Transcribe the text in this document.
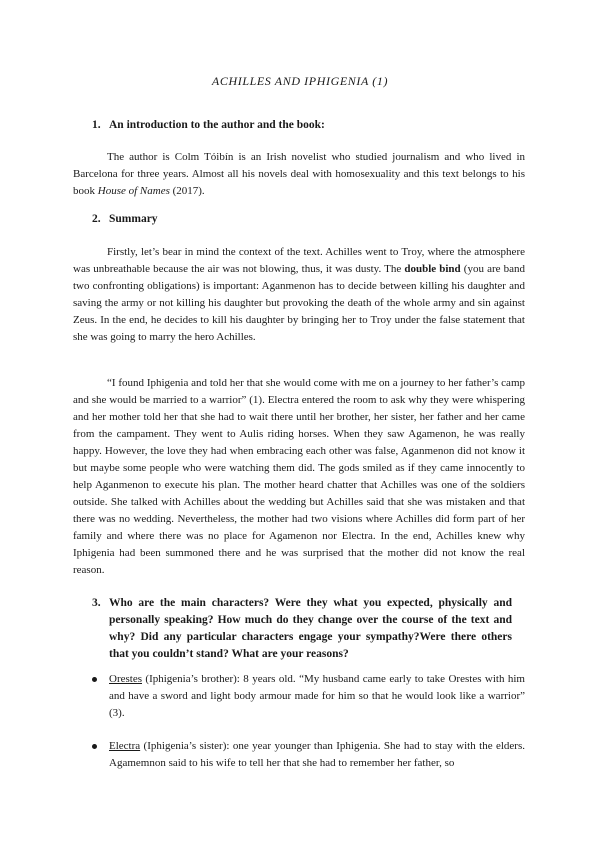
ACHILLES AND IPHIGENIA (1)
1. An introduction to the author and the book:

The author is Colm Tóibín is an Irish novelist who studied journalism and who lived in Barcelona for three years. Almost all his novels deal with homosexuality and this text belongs to his book House of Names (2017).

2. Summary

Firstly, let’s bear in mind the context of the text. Achilles went to Troy, where the atmosphere was unbreathable because the air was not blowing, thus, it was dusty. The double bind (you are band two confronting obligations) is important: Aganmenon has to decide between killing his daughter and saving the army or not killing his daughter but provoking the death of the whole army and sin against Zeus. In the end, he decides to kill his daughter by bringing her to Troy under the false statement that she was going to marry the hero Achilles.

“I found Iphigenia and told her that she would come with me on a journey to her father’s camp and she would be married to a warrior” (1). Electra entered the room to ask why they were whispering and her mother told her that she had to wait there until her brother, her sister, her father and her came from the campament. They went to Aulis riding horses. When they saw Agamenon, he was really happy. However, the love they had when embracing each other was false, Aganmenon did not know it but maybe some people who were watching them did. The gods smiled as if they came innocently to help Aganmenon to execute his plan. The mother heard chatter that Achilles was one of the soldiers outside. She talked with Achilles about the wedding but Achilles said that she was mistaken and that there was no wedding. Nevertheless, the mother had two visions where Achilles did form part of her family and where there was no place for Agamenon nor Electra. In the end, Achilles knew why Iphigenia had been summoned there and he was surprised that the mother did not know the real reason.

3. Who are the main characters? Were they what you expected, physically and personally speaking? How much do they change over the course of the text and why? Did any particular characters engage your sympathy?Were there others that you couldn’t stand? What are your reasons?
Orestes (Iphigenia’s brother): 8 years old. “My husband came early to take Orestes with him and have a sword and light body armour made for him so that he would look like a warrior” (3).
Electra (Iphigenia’s sister): one year younger than Iphigenia. She had to stay with the elders. Agamemnon said to his wife to tell her that she had to remember her father, so
